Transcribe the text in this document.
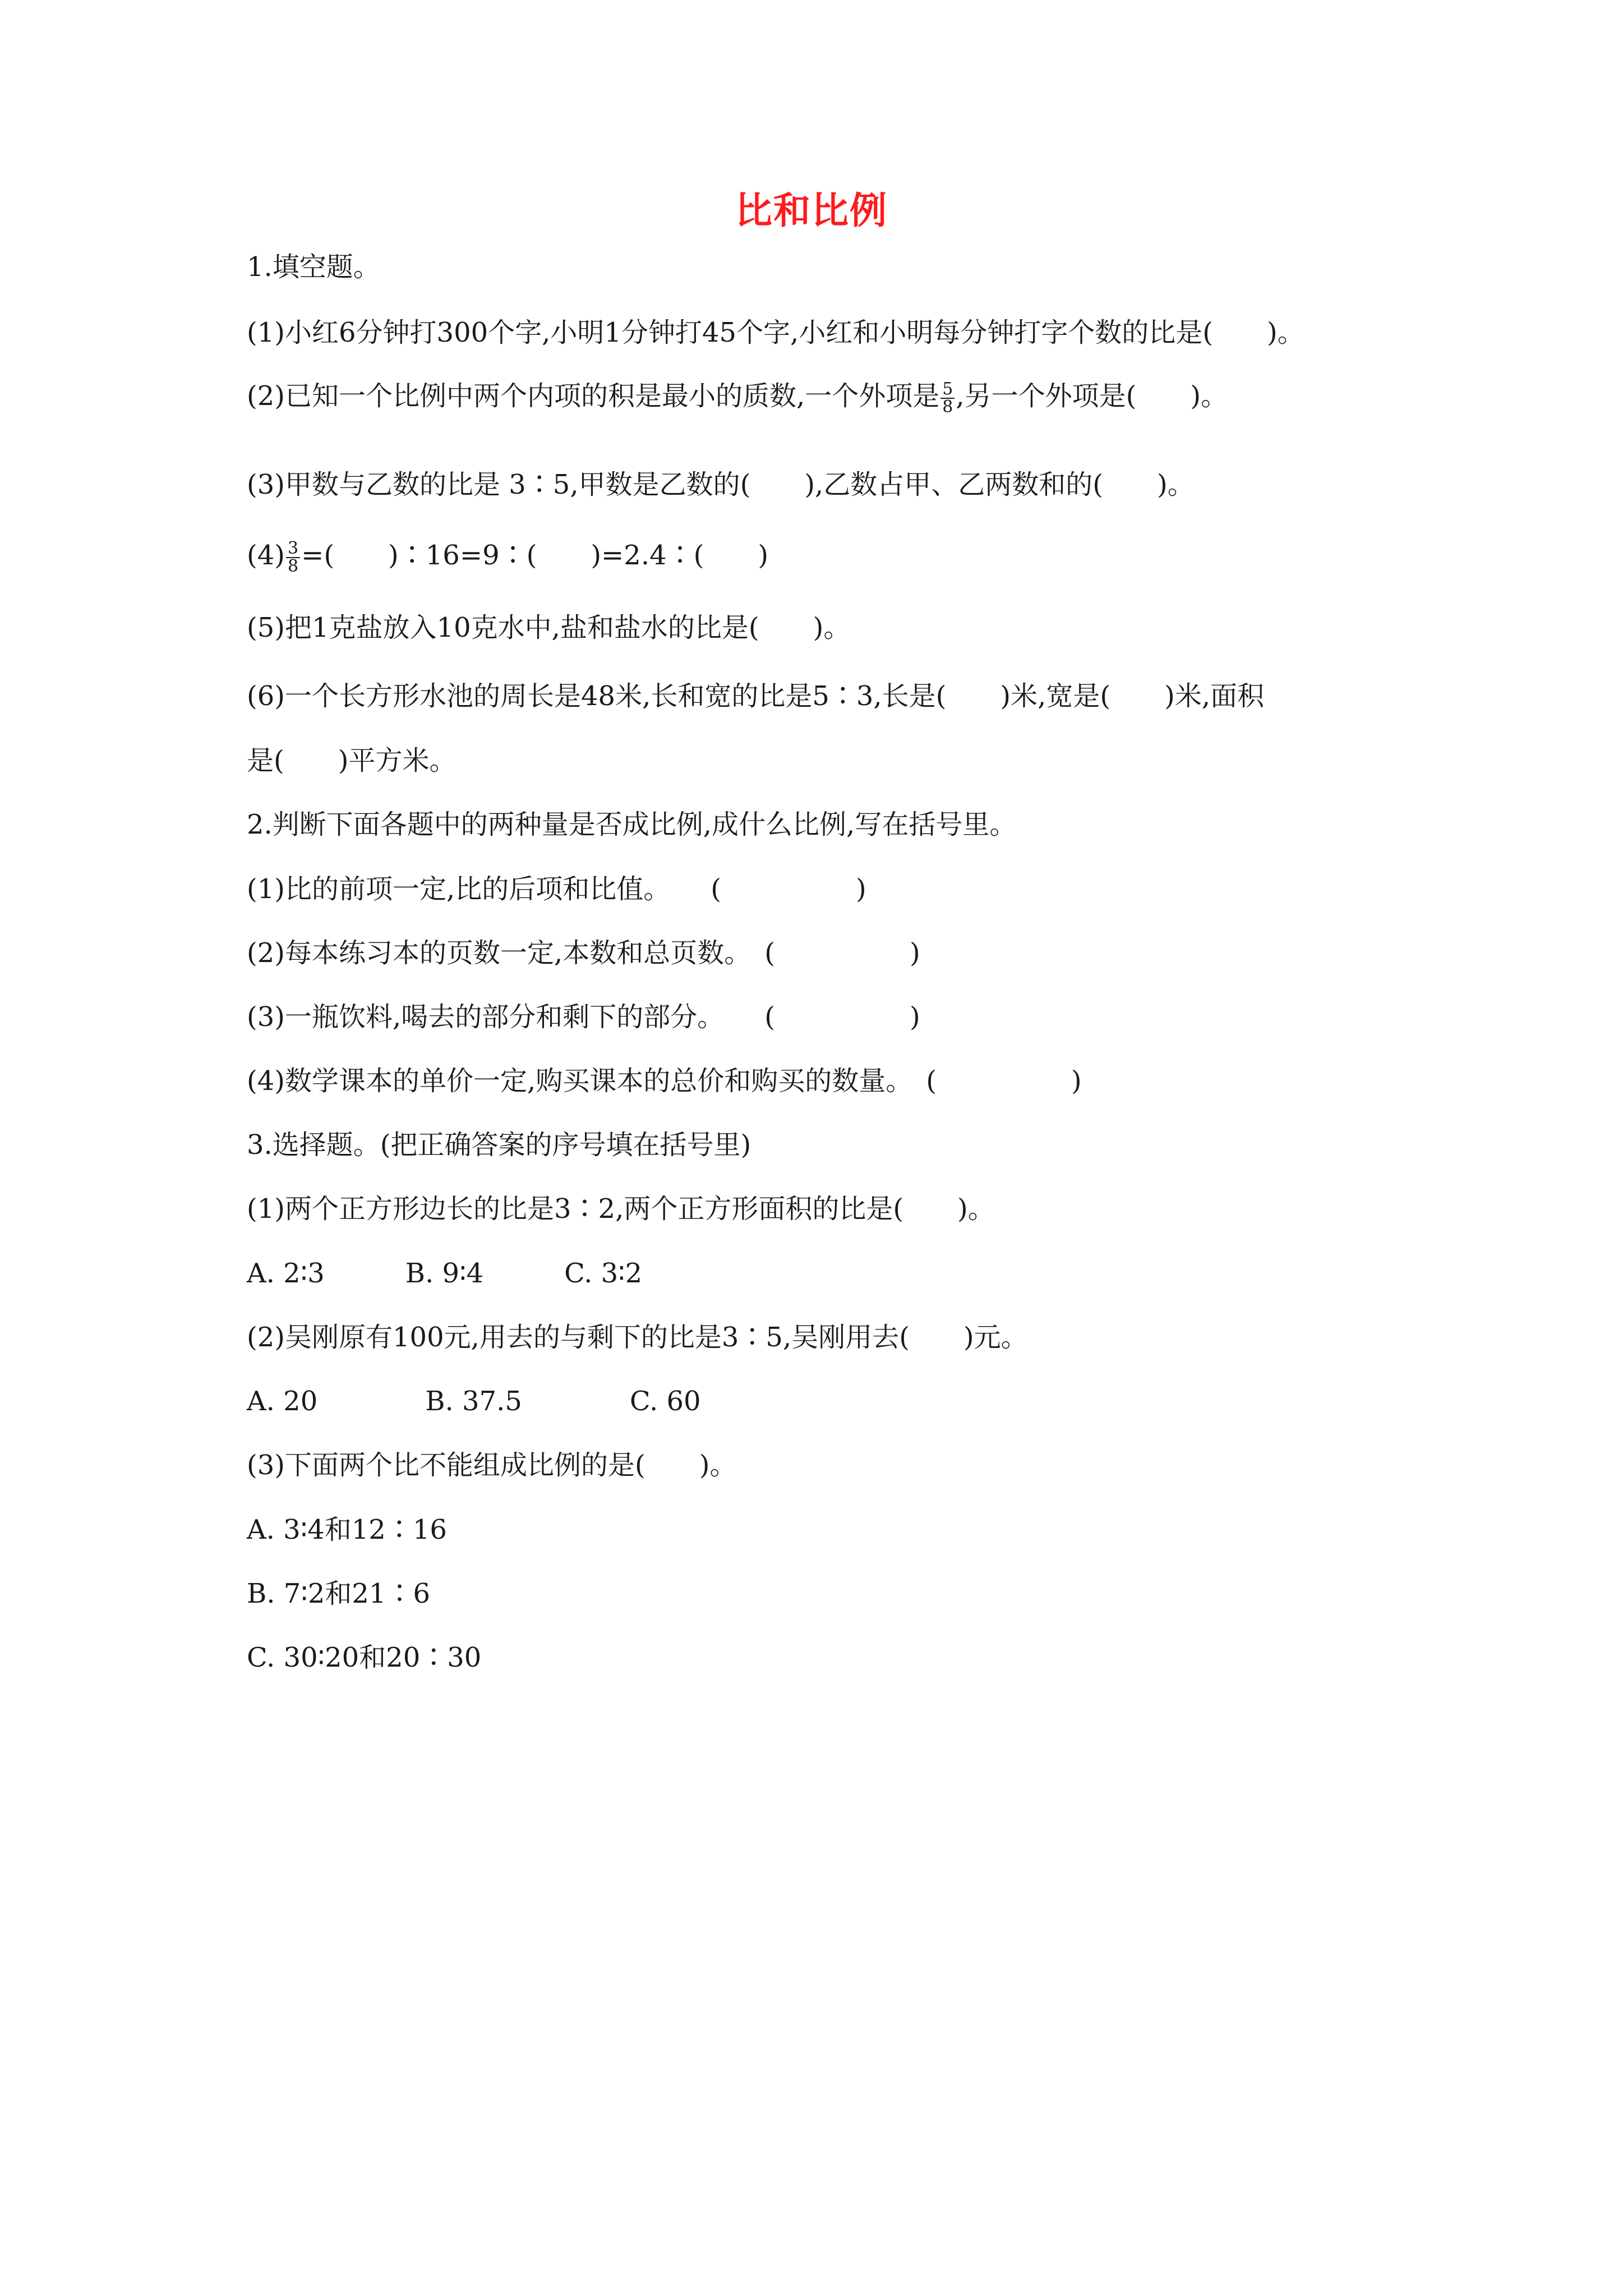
比和比例
1.填空题。
(1)小红6分钟打300个字,小明1分钟打45个字,小红和小明每分钟打字个数的比是(　　)。
(2)已知一个比例中两个内项的积是最小的质数,一个外项是 $\frac{5}{8}$ ,另一个外项是(　　)。
(3)甲数与乙数的比是 3∶5,甲数是乙数的(　　),乙数占甲、乙两数和的(　　)。
$(4) \frac{3}{8}$ =(　　)∶16=9∶(　　)=2.4∶(　　)
(5)把1克盐放入10克水中,盐和盐水的比是(　　)。
(6)一个长方形水池的周长是48米,长和宽的比是5∶3,长是(　　)米,宽是(　　)米,面积
是(　　)平方米。
2.判断下面各题中的两种量是否成比例,成什么比例,写在括号里。
(1)比的前项一定,比的后项和比值。　　(　　　　　)
(2)每本练习本的页数一定,本数和总页数。　(　　　　　)
(3)一瓶饮料,喝去的部分和剩下的部分。　　(　　　　　)
(4)数学课本的单价一定,购买课本的总价和购买的数量。　(　　　　　)
3.选择题。(把正确答案的序号填在括号里)
(1)两个正方形边长的比是3∶2,两个正方形面积的比是(　　)。
A. 2∶3　　　B. 9∶4　　　C. 3∶2
(2)吴刚原有100元,用去的与剩下的比是3∶5,吴刚用去(　　)元。
A. 20　　　　B. 37.5　　　　C. 60
(3)下面两个比不能组成比例的是(　　)。
A. 3∶4和12∶16
B. 7∶2和21∶6
C. 30∶20和20∶30
